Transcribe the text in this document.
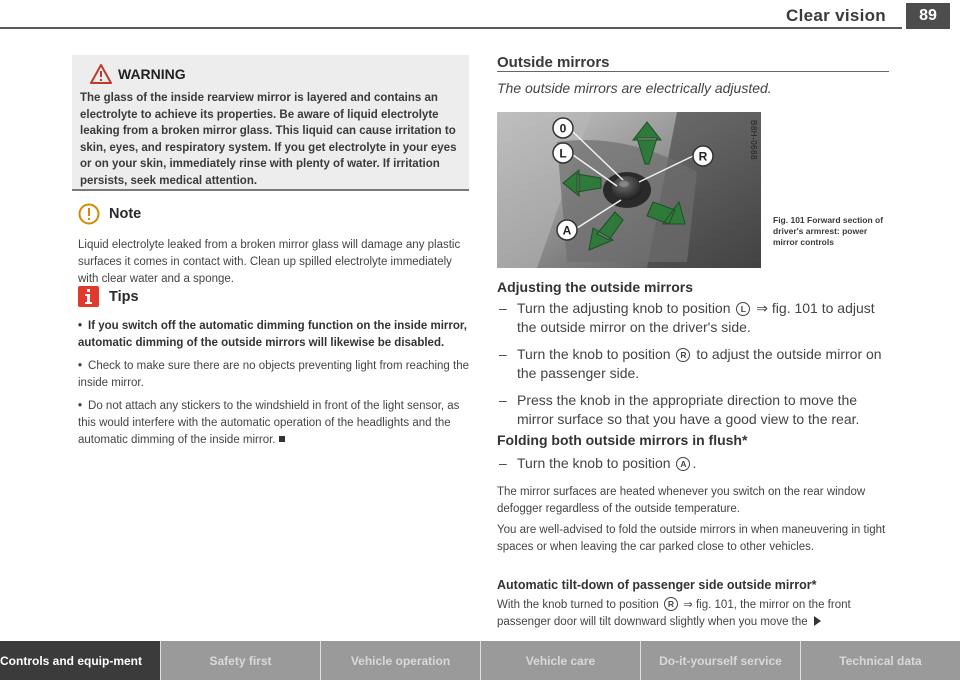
Clear vision	89
WARNING
The glass of the inside rearview mirror is layered and contains an electrolyte to achieve its properties. Be aware of liquid electrolyte leaking from a broken mirror glass. This liquid can cause irritation to skin, eyes, and respiratory system. If you get electrolyte in your eyes or on your skin, immediately rinse with plenty of water. If irritation persists, seek medical attention.
Note
Liquid electrolyte leaked from a broken mirror glass will damage any plastic surfaces it comes in contact with. Clean up spilled electrolyte immediately with clear water and a sponge.
Tips
• If you switch off the automatic dimming function on the inside mirror, automatic dimming of the outside mirrors will likewise be disabled.
• Check to make sure there are no objects preventing light from reaching the inside mirror.
• Do not attach any stickers to the windshield in front of the light sensor, as this would interfere with the automatic operation of the headlights and the automatic dimming of the inside mirror.
Outside mirrors
The outside mirrors are electrically adjusted.
0
L	R
A
B8H-0688
Fig. 101 Forward section of driver's armrest: power mirror controls
Adjusting the outside mirrors
– Turn the adjusting knob to position L ⇒ fig. 101 to adjust the outside mirror on the driver's side.
– Turn the knob to position R to adjust the outside mirror on the passenger side.
– Press the knob in the appropriate direction to move the mirror surface so that you have a good view to the rear.
Folding both outside mirrors in flush*
– Turn the knob to position A .
The mirror surfaces are heated whenever you switch on the rear window defogger regardless of the outside temperature.
You are well-advised to fold the outside mirrors in when maneuvering in tight spaces or when leaving the car parked close to other vehicles.
Automatic tilt-down of passenger side outside mirror*
With the knob turned to position R ⇒ fig. 101, the mirror on the front passenger door will tilt downward slightly when you move the
Controls and equip-ment	Safety first	Vehicle operation	Vehicle care	Do-it-yourself service	Technical data
